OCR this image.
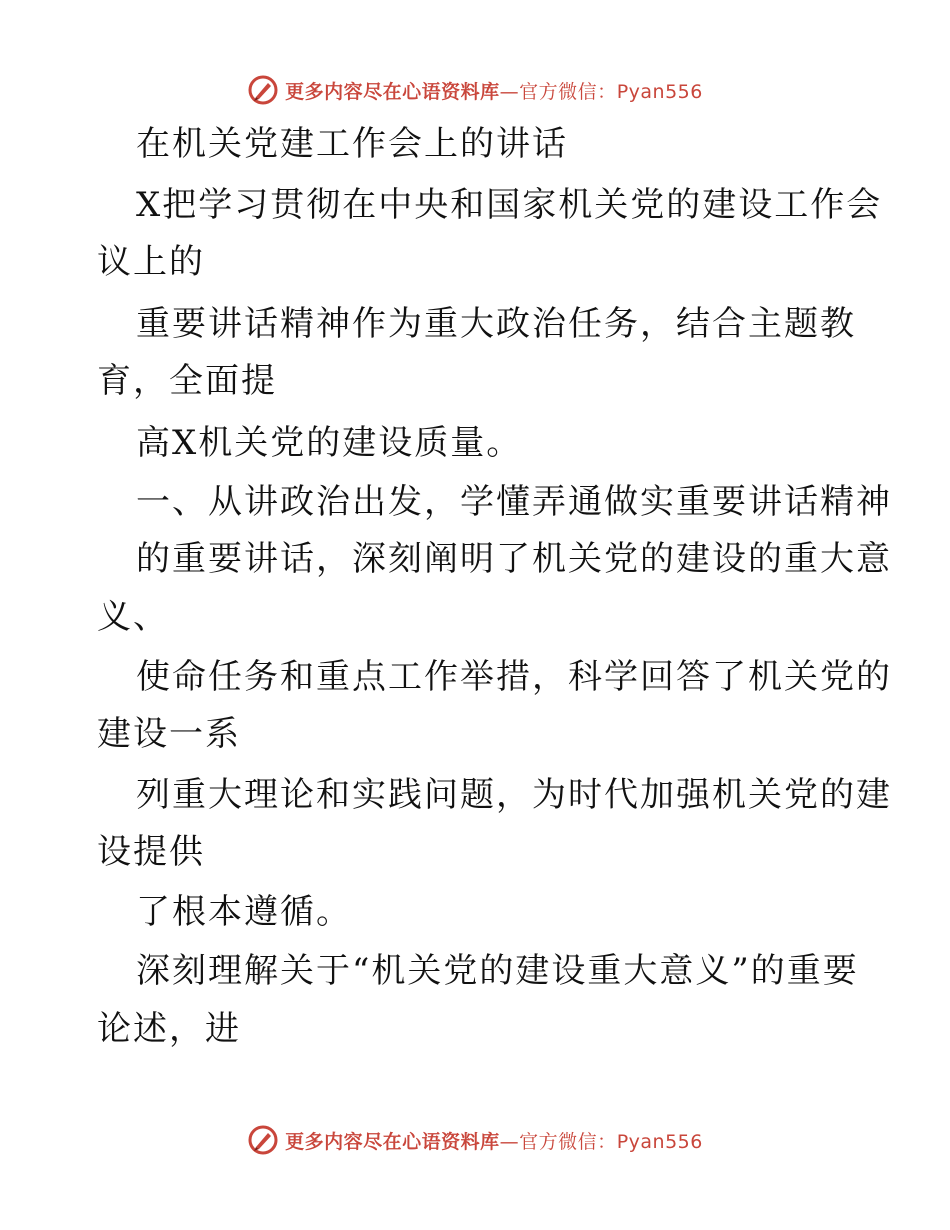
更多内容尽在心语资料库—官方微信：Pyan556
在机关党建工作会上的讲话
X把学习贯彻在中央和国家机关党的建设工作会
议上的
重要讲话精神作为重大政治任务，结合主题教
育，全面提
高X机关党的建设质量。
一、从讲政治出发，学懂弄通做实重要讲话精神
的重要讲话，深刻阐明了机关党的建设的重大意
义、
使命任务和重点工作举措，科学回答了机关党的
建设一系
列重大理论和实践问题，为时代加强机关党的建
设提供
了根本遵循。
深刻理解关于“机关党的建设重大意义”的重要
论述，进
更多内容尽在心语资料库—官方微信：Pyan556
